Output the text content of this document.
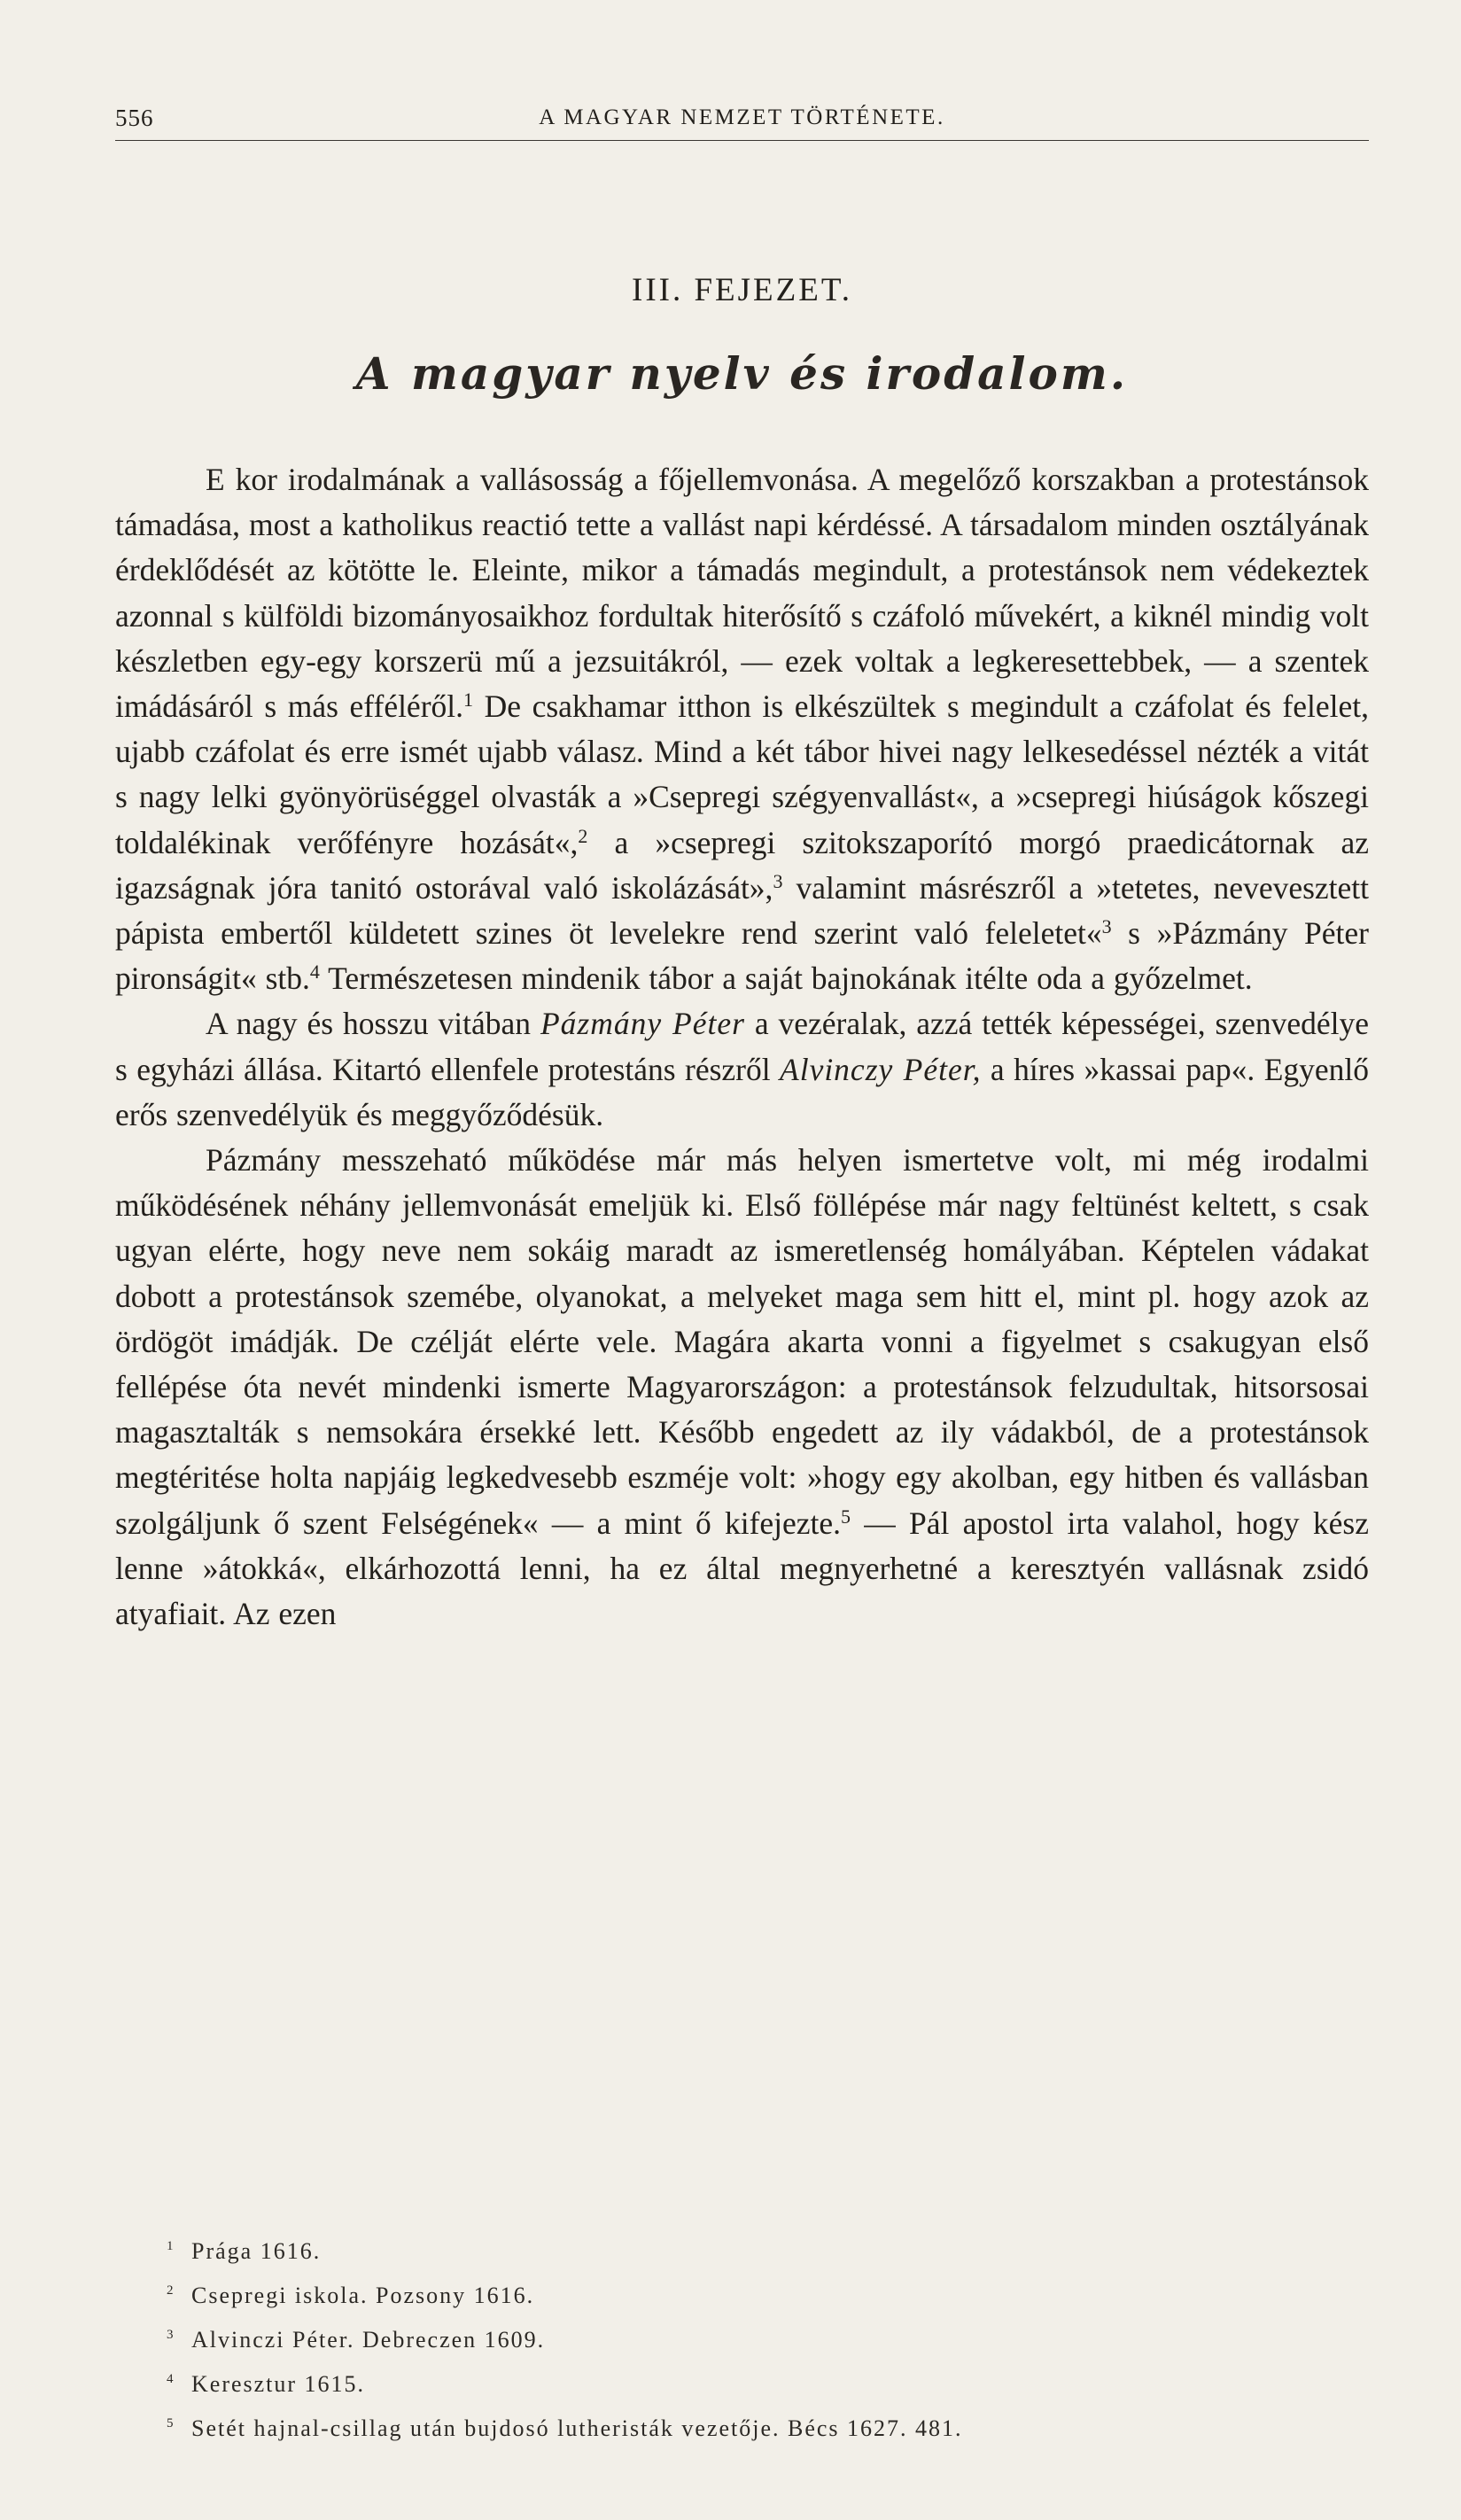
556	A MAGYAR NEMZET TÖRTÉNETE.
III. FEJEZET.
A magyar nyelv és irodalom.

E kor irodalmának a vallásosság a főjellemvonása. A megelőző korszakban a protestánsok támadása, most a katholikus reactió tette a vallást napi kérdéssé. A társadalom minden osztályának érdeklődését az kötötte le. Eleinte, mikor a támadás megindult, a protestánsok nem védekeztek azonnal s külföldi bizományosaikhoz fordultak hiterősítő s czáfoló művekért, a kiknél mindig volt készletben egy-egy korszerü mű a jezsuitákról, — ezek voltak a legkeresettebbek, — a szentek imádásáról s más efféléről.$^1$ De csakhamar itthon is elkészültek s megindult a czáfolat és felelet, ujabb czáfolat és erre ismét ujabb válasz. Mind a két tábor hivei nagy lelkesedéssel nézték a vitát s nagy lelki gyönyörüséggel olvasták a »Csepregi szégyenvallást«, a »csepregi hiúságok kőszegi toldalékinak verőfényre hozását«,$^2$ a »csepregi szitokszaporító morgó praedicátornak az igazságnak jóra tanitó ostorával való iskolázását»,$^3$ valamint másrészről a »tetetes, nevevesztett pápista embertől küldetett szines öt levelekre rend szerint való feleletet«$^3$ s »Pázmány Péter pironságit« stb.$^4$ Természetesen mindenik tábor a saját bajnokának itélte oda a győzelmet.

A nagy és hosszu vitában Pázmány Péter a vezéralak, azzá tették képességei, szenvedélye s egyházi állása. Kitartó ellenfele protestáns részről Alvinczy Péter, a híres »kassai pap«. Egyenlő erős szenvedélyük és meggyőződésük.

Pázmány messzeható működése már más helyen ismertetve volt, mi még irodalmi működésének néhány jellemvonását emeljük ki. Első föllépése már nagy feltünést keltett, s csak ugyan elérte, hogy neve nem sokáig maradt az ismeretlenség homályában. Képtelen vádakat dobott a protestánsok szemébe, olyanokat, a melyeket maga sem hitt el, mint pl. hogy azok az ördögöt imádják. De czélját elérte vele. Magára akarta vonni a figyelmet s csakugyan első fellépése óta nevét mindenki ismerte Magyarországon: a protestánsok felzudultak, hitsorsosai magasztalták s nemsokára érsekké lett. Később engedett az ily vádakból, de a protestánsok megtéritése holta napjáig legkedvesebb eszméje volt: »hogy egy akolban, egy hitben és vallásban szolgáljunk ő szent Felségének« — a mint ő kifejezte.$^5$ — Pál apostol irta valahol, hogy kész lenne »átokká«, elkárhozottá lenni, ha ez által megnyerhetné a keresztyén vallásnak zsidó atyafiait. Az ezen

1 Prága 1616.
2 Csepregi iskola. Pozsony 1616.
3 Alvinczi Péter. Debreczen 1609.
4 Keresztur 1615.
5 Setét hajnal-csillag után bujdosó lutheristák vezetője. Bécs 1627. 481.
